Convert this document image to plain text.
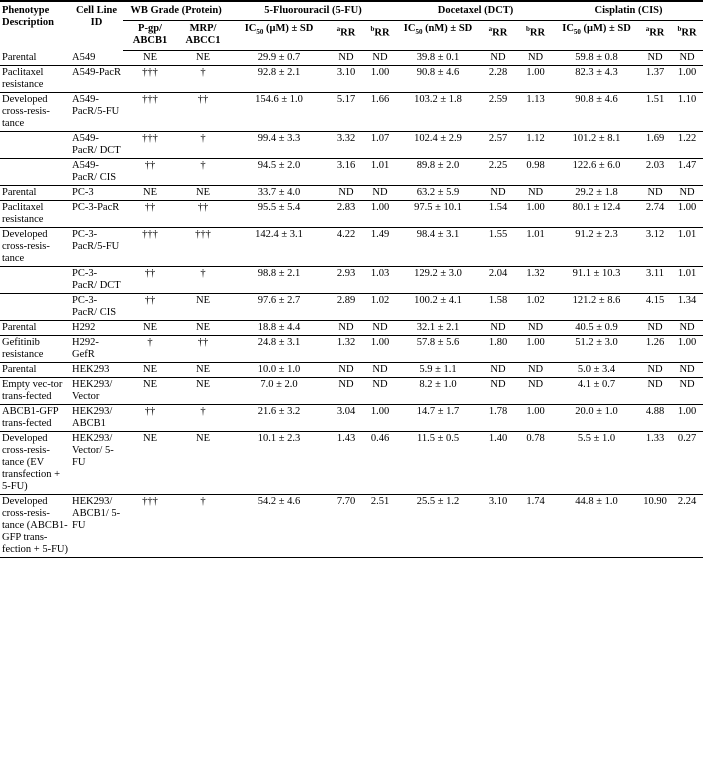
Phenotype Description	Cell Line ID	WB Grade (Protein)		5-Fluorouracil (5-FU)			Docetaxel (DCT)			Cisplatin (CIS)		
		P-gp/ ABCB1	MRP/ ABCC1	$IC_{50}$ (μM) ± SD	$^a$RR	$^b$RR	$IC_{50}$ (nM) ± SD	$^a$RR	$^b$RR	$IC_{50}$ (μM) ± SD	$^a$RR	$^b$RR
Parental	A549	NE	NE	29.9 ± 0.7	ND	ND	39.8 ± 0.1	ND	ND	59.8 ± 0.8	ND	ND
Paclitaxel resistance	A549-PacR	†††	†	92.8 ± 2.1	3.10	1.00	90.8 ± 4.6	2.28	1.00	82.3 ± 4.3	1.37	1.00
Developed cross-resis-tance	A549-PacR/5-FU	†††	††	154.6 ± 1.0	5.17	1.66	103.2 ± 1.8	2.59	1.13	90.8 ± 4.6	1.51	1.10
	A549-PacR/ DCT	†††	†	99.4 ± 3.3	3.32	1.07	102.4 ± 2.9	2.57	1.12	101.2 ± 8.1	1.69	1.22
	A549-PacR/ CIS	††	†	94.5 ± 2.0	3.16	1.01	89.8 ± 2.0	2.25	0.98	122.6 ± 6.0	2.03	1.47
Parental	PC-3	NE	NE	33.7 ± 4.0	ND	ND	63.2 ± 5.9	ND	ND	29.2 ± 1.8	ND	ND
Paclitaxel resistance	PC-3-PacR	††	††	95.5 ± 5.4	2.83	1.00	97.5 ± 10.1	1.54	1.00	80.1 ± 12.4	2.74	1.00
Developed cross-resis-tance	PC-3-PacR/5-FU	†††	†††	142.4 ± 3.1	4.22	1.49	98.4 ± 3.1	1.55	1.01	91.2 ± 2.3	3.12	1.01
	PC-3-PacR/ DCT	††	†	98.8 ± 2.1	2.93	1.03	129.2 ± 3.0	2.04	1.32	91.1 ± 10.3	3.11	1.01
	PC-3-PacR/ CIS	††	NE	97.6 ± 2.7	2.89	1.02	100.2 ± 4.1	1.58	1.02	121.2 ± 8.6	4.15	1.34
Parental	H292	NE	NE	18.8 ± 4.4	ND	ND	32.1 ± 2.1	ND	ND	40.5 ± 0.9	ND	ND
Gefitinib resistance	H292-GefR	†	††	24.8 ± 3.1	1.32	1.00	57.8 ± 5.6	1.80	1.00	51.2 ± 3.0	1.26	1.00
Parental	HEK293	NE	NE	10.0 ± 1.0	ND	ND	5.9 ± 1.1	ND	ND	5.0 ± 3.4	ND	ND
Empty vec-tor trans-fected	HEK293/ Vector	NE	NE	7.0 ± 2.0	ND	ND	8.2 ± 1.0	ND	ND	4.1 ± 0.7	ND	ND
ABCB1-GFP trans-fected	HEK293/ ABCB1	††	†	21.6 ± 3.2	3.04	1.00	14.7 ± 1.7	1.78	1.00	20.0 ± 1.0	4.88	1.00
Developed cross-resis-tance (EV transfection + 5-FU)	HEK293/ Vector/ 5-FU	NE	NE	10.1 ± 2.3	1.43	0.46	11.5 ± 0.5	1.40	0.78	5.5 ± 1.0	1.33	0.27
Developed cross-resis-tance (ABCB1-GFP trans-fection + 5-FU)	HEK293/ ABCB1/ 5-FU	†††	†	54.2 ± 4.6	7.70	2.51	25.5 ± 1.2	3.10	1.74	44.8 ± 1.0	10.90	2.24
